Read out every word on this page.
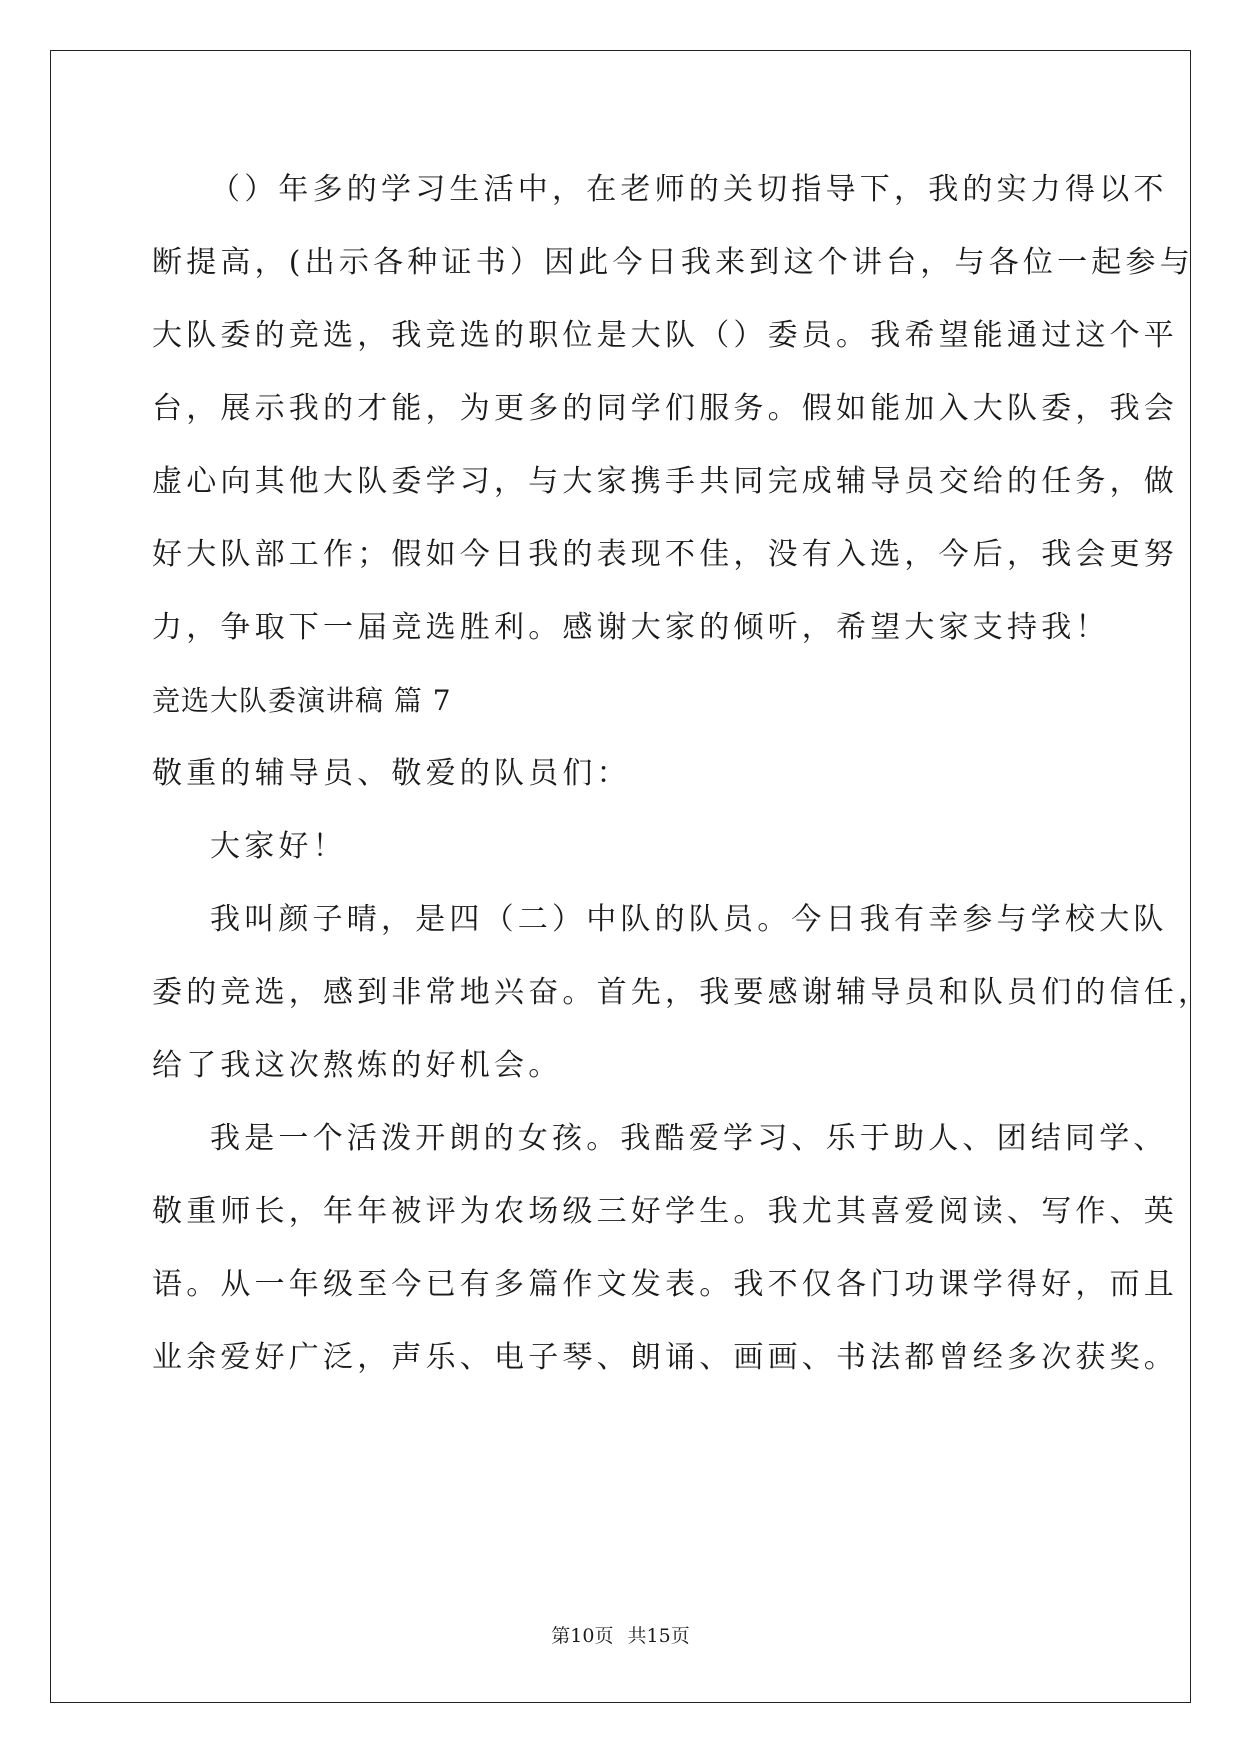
（）年多的学习生活中，在老师的关切指导下，我的实力得以不
断提高，(出示各种证书）因此今日我来到这个讲台，与各位一起参与
大队委的竞选，我竞选的职位是大队（）委员。我希望能通过这个平
台，展示我的才能，为更多的同学们服务。假如能加入大队委，我会
虚心向其他大队委学习，与大家携手共同完成辅导员交给的任务，做
好大队部工作；假如今日我的表现不佳，没有入选，今后，我会更努
力，争取下一届竞选胜利。感谢大家的倾听，希望大家支持我！
竞选大队委演讲稿 篇 7
敬重的辅导员、敬爱的队员们：
大家好！
我叫颜子晴，是四（二）中队的队员。今日我有幸参与学校大队
委的竞选，感到非常地兴奋。首先，我要感谢辅导员和队员们的信任，
给了我这次熬炼的好机会。
我是一个活泼开朗的女孩。我酷爱学习、乐于助人、团结同学、
敬重师长，年年被评为农场级三好学生。我尤其喜爱阅读、写作、英
语。从一年级至今已有多篇作文发表。我不仅各门功课学得好，而且
业余爱好广泛，声乐、电子琴、朗诵、画画、书法都曾经多次获奖。
第10页 共15页
